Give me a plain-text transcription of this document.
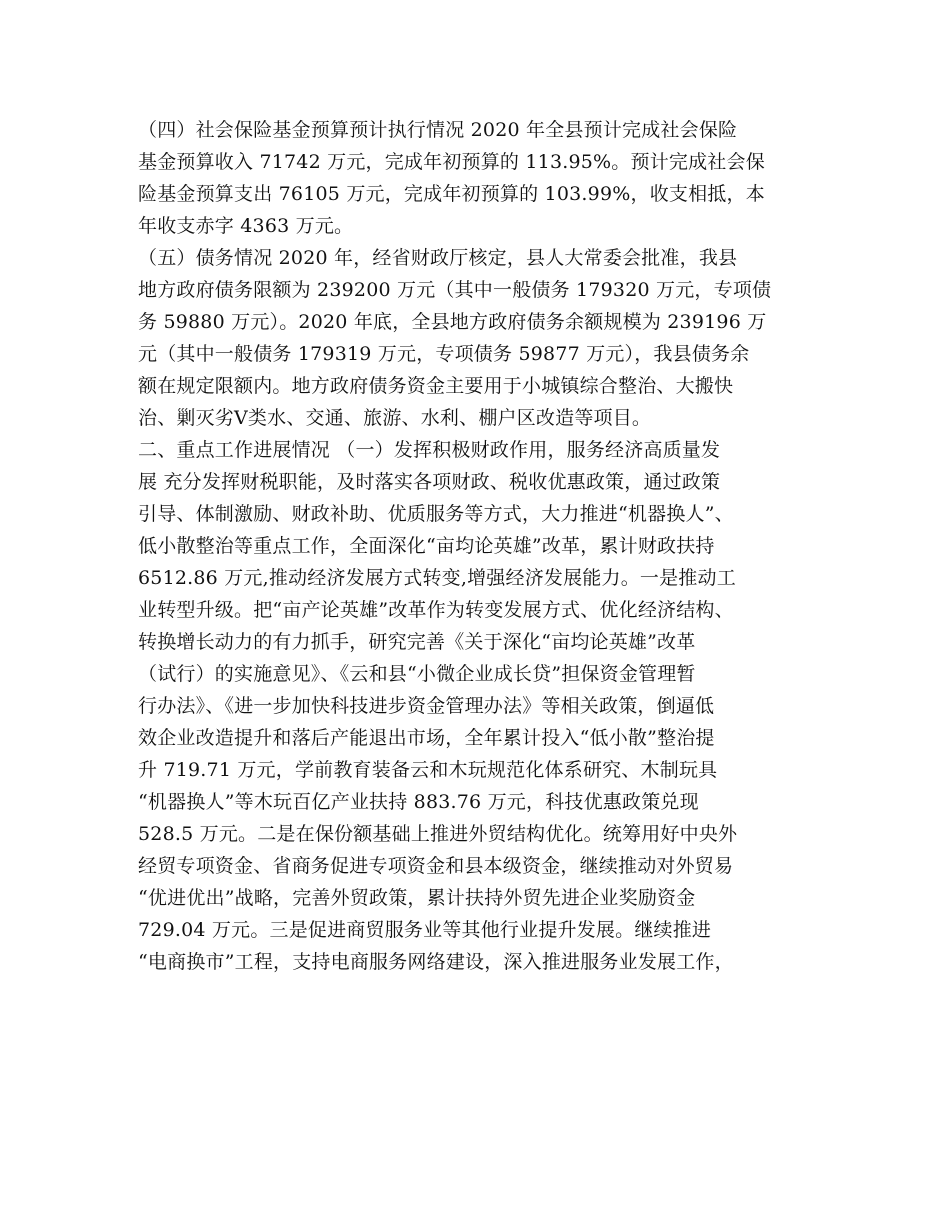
（四）社会保险基金预算预计执行情况 2020 年全县预计完成社会保险
基金预算收入 71742 万元，完成年初预算的 113.95%。预计完成社会保
险基金预算支出 76105 万元，完成年初预算的 103.99%，收支相抵，本
年收支赤字 4363 万元。
（五）债务情况 2020 年，经省财政厅核定，县人大常委会批准，我县
地方政府债务限额为 239200 万元（其中一般债务 179320 万元，专项债
务 59880 万元）。2020 年底，全县地方政府债务余额规模为 239196 万
元（其中一般债务 179319 万元，专项债务 59877 万元），我县债务余
额在规定限额内。地方政府债务资金主要用于小城镇综合整治、大搬快
治、剿灭劣Ⅴ类水、交通、旅游、水利、棚户区改造等项目。
二、重点工作进展情况 （一）发挥积极财政作用，服务经济高质量发
展 充分发挥财税职能，及时落实各项财政、税收优惠政策，通过政策
引导、体制激励、财政补助、优质服务等方式，大力推进“机器换人”、
低小散整治等重点工作，全面深化“亩均论英雄”改革，累计财政扶持
6512.86 万元,推动经济发展方式转变,增强经济发展能力。一是推动工
业转型升级。把“亩产论英雄”改革作为转变发展方式、优化经济结构、
转换增长动力的有力抓手，研究完善《关于深化“亩均论英雄”改革
（试行）的实施意见》、《云和县“小微企业成长贷”担保资金管理暂
行办法》、《进一步加快科技进步资金管理办法》等相关政策，倒逼低
效企业改造提升和落后产能退出市场，全年累计投入“低小散”整治提
升 719.71 万元，学前教育装备云和木玩规范化体系研究、木制玩具
“机器换人”等木玩百亿产业扶持 883.76 万元，科技优惠政策兑现
528.5 万元。二是在保份额基础上推进外贸结构优化。统筹用好中央外
经贸专项资金、省商务促进专项资金和县本级资金，继续推动对外贸易
“优进优出”战略，完善外贸政策，累计扶持外贸先进企业奖励资金
729.04 万元。三是促进商贸服务业等其他行业提升发展。继续推进
“电商换市”工程，支持电商服务网络建设，深入推进服务业发展工作，
